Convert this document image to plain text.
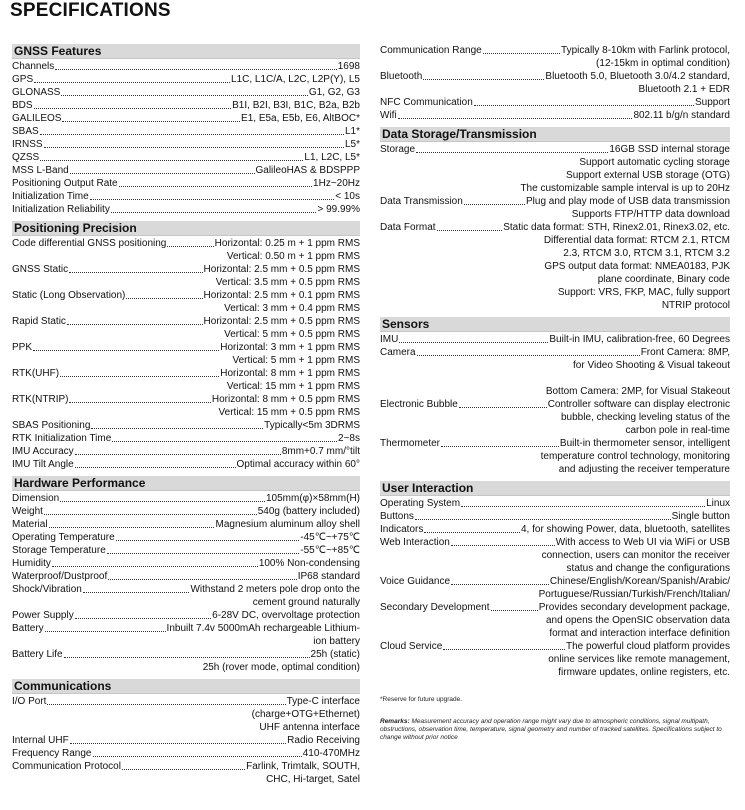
SPECIFICATIONS
GNSS Features
Channels	1698
GPS	L1C, L1C/A, L2C, L2P(Y), L5
GLONASS	G1, G2, G3
BDS	B1I, B2I, B3I, B1C, B2a, B2b
GALILEOS	E1, E5a, E5b, E6, AltBOC*
SBAS	L1*
IRNSS	L5*
QZSS	L1, L2C, L5*
MSS L-Band	GalileoHAS & BDSPPP
Positioning Output Rate	1Hz~20Hz
Initialization Time	< 10s
Initialization Reliability	> 99.99%
Positioning Precision
Code differential GNSS positioning	Horizontal: 0.25 m + 1 ppm RMS
Vertical: 0.50 m + 1 ppm RMS
GNSS Static	Horizontal: 2.5 mm + 0.5 ppm RMS
Vertical: 3.5 mm + 0.5 ppm RMS
Static (Long Observation)	Horizontal: 2.5 mm + 0.1 ppm RMS
Vertical: 3 mm + 0.4 ppm RMS
Rapid Static	Horizontal: 2.5 mm + 0.5 ppm RMS
Vertical: 5 mm + 0.5 ppm RMS
PPK	Horizontal: 3 mm + 1 ppm RMS
Vertical: 5 mm + 1 ppm RMS
RTK(UHF)	Horizontal: 8 mm + 1 ppm RMS
Vertical: 15 mm + 1 ppm RMS
RTK(NTRIP)	Horizontal: 8 mm + 0.5 ppm RMS
Vertical: 15 mm + 0.5 ppm RMS
SBAS Positioning	Typically<5m 3DRMS
RTK Initialization Time	2~8s
IMU Accuracy	8mm+0.7 mm/°tilt
IMU Tilt Angle	Optimal accuracy within 60°
Hardware Performance
Dimension	105mm(φ)×58mm(H)
Weight	540g (battery included)
Material	Magnesium aluminum alloy shell
Operating Temperature	-45℃~+75℃
Storage Temperature	-55℃~+85℃
Humidity	100% Non-condensing
Waterproof/Dustproof	IP68 standard
Shock/Vibration	Withstand 2 meters pole drop onto the
cement ground naturally
Power Supply	6-28V DC, overvoltage protection
Battery	Inbuilt 7.4v 5000mAh rechargeable Lithium-
ion battery
Battery Life	25h (static)
25h (rover mode, optimal condition)
Communications
I/O Port	Type-C interface
(charge+OTG+Ethernet)
UHF antenna interface
Internal UHF	Radio Receiving
Frequency Range	410-470MHz
Communication Protocol	Farlink, Trimtalk, SOUTH,
CHC, Hi-target, Satel
Communication Range	Typically 8-10km with Farlink protocol,
(12-15km in optimal condition)
Bluetooth	Bluetooth 5.0, Bluetooth 3.0/4.2 standard,
Bluetooth 2.1 + EDR
NFC Communication	Support
Wifi	802.11 b/g/n standard
Data Storage/Transmission
Storage	16GB SSD internal storage
Support automatic cycling storage
Support external USB storage (OTG)
The customizable sample interval is up to 20Hz
Data Transmission	Plug and play mode of USB data transmission
Supports FTP/HTTP data download
Data Format	Static data format: STH, Rinex2.01, Rinex3.02, etc.
Differential data format: RTCM 2.1, RTCM
2.3, RTCM 3.0, RTCM 3.1, RTCM 3.2
GPS output data format: NMEA0183, PJK
plane coordinate, Binary code
Support: VRS, FKP, MAC, fully support
NTRIP protocol
Sensors
IMU	Built-in IMU, calibration-free, 60 Degrees
Camera	Front Camera: 8MP,
for Video Shooting & Visual takeout
Bottom Camera: 2MP, for Visual Stakeout
Electronic Bubble	Controller software can display electronic
bubble, checking leveling status of the
carbon pole in real-time
Thermometer	Built-in thermometer sensor, intelligent
temperature control technology, monitoring
and adjusting the receiver temperature
User Interaction
Operating System	Linux
Buttons	Single button
Indicators	4, for showing Power, data, bluetooth, satellites
Web Interaction	With access to Web UI via WiFi or USB
connection, users can monitor the receiver
status and change the configurations
Voice Guidance	Chinese/English/Korean/Spanish/Arabic/
Portuguese/Russian/Turkish/French/Italian/
Secondary Development	Provides secondary development package,
and opens the OpenSIC observation data
format and interaction interface definition
Cloud Service	The powerful cloud platform provides
online services like remote management,
firmware updates, online registers, etc.
*Reserve for future upgrade.
Remarks: Measurement accuracy and operation range might vary due to atmospheric conditions, signal multipath, obstructions, observation time, temperature, signal geometry and number of tracked satellites. Specifications subject to change without prior notice
